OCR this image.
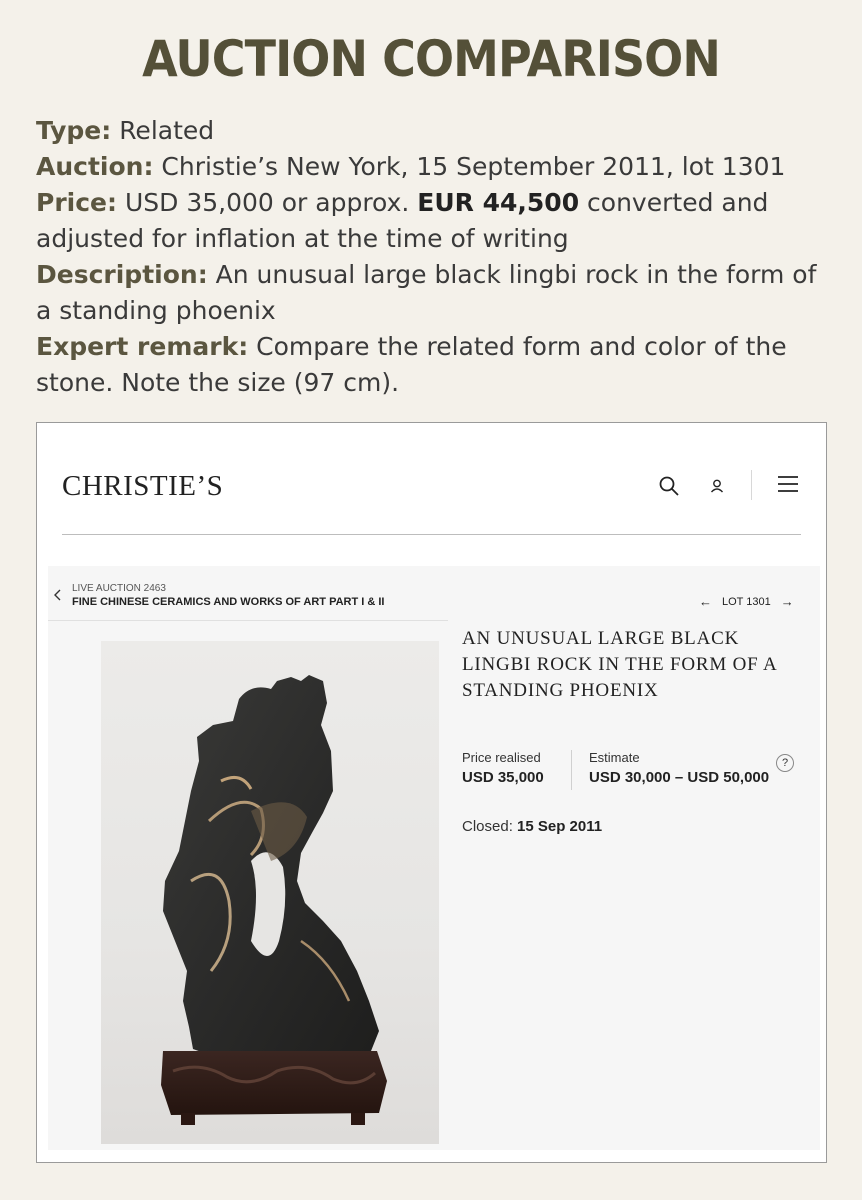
AUCTION COMPARISON

Type: Related

Auction: Christie’s New York, 15 September 2011, lot 1301

Price: USD 35,000 or approx. EUR 44,500 converted and adjusted for inflation at the time of writing

Description: An unusual large black lingbi rock in the form of a standing phoenix

Expert remark: Compare the related form and color of the stone. Note the size (97 cm).

CHRISTIE’S
LIVE AUCTION 2463
FINE CHINESE CERAMICS AND WORKS OF ART PART I & II	← LOT 1301 →
AN UNUSUAL LARGE BLACK LINGBI ROCK IN THE FORM OF A STANDING PHOENIX
Price realised
USD 35,000
Estimate
USD 30,000 – USD 50,000
?
Closed: 15 Sep 2011
